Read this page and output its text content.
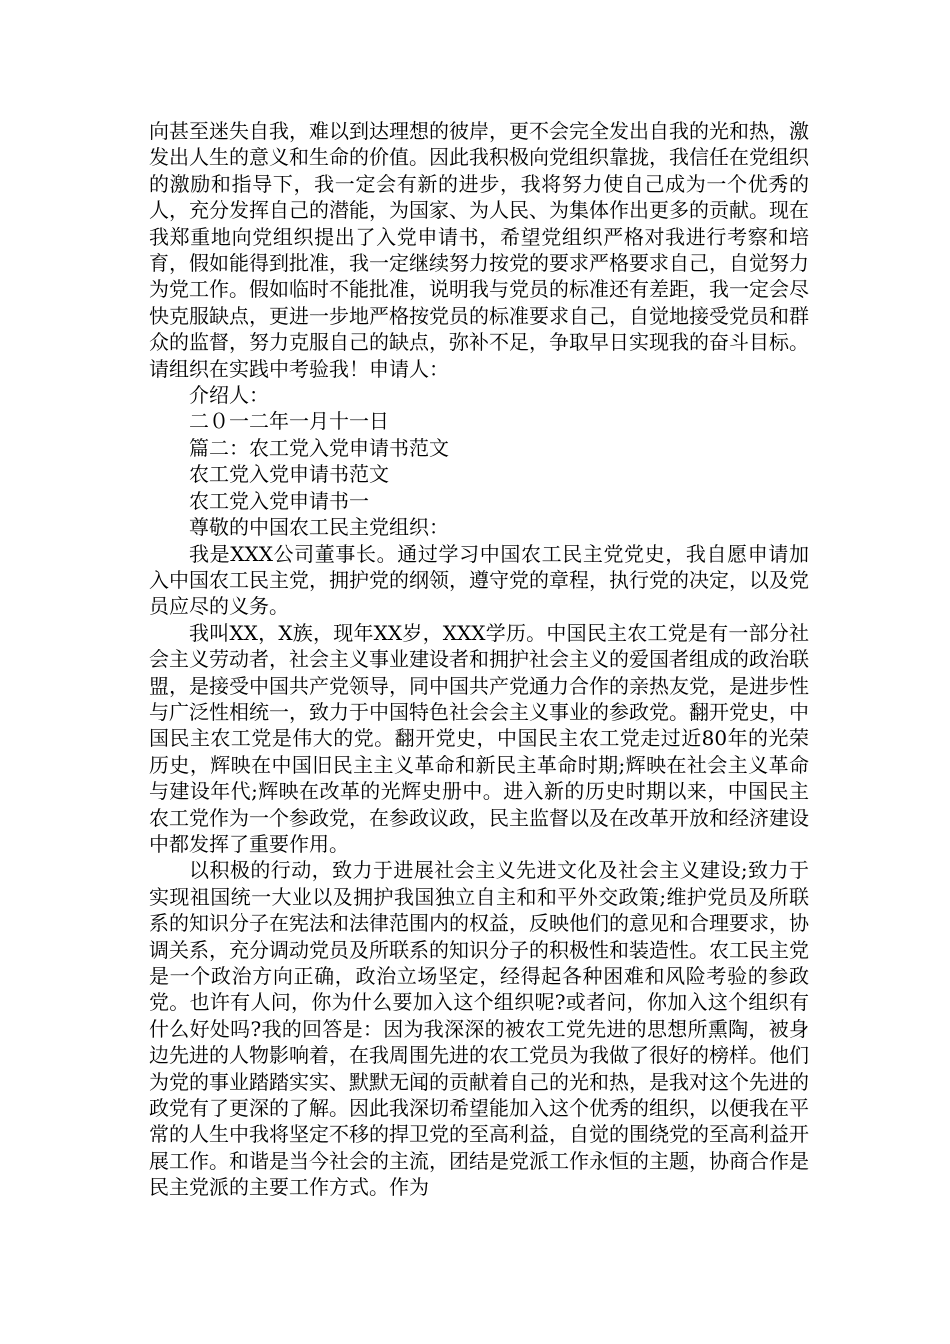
向甚至迷失自我，难以到达理想的彼岸，更不会完全发出自我的光和热，激发出人生的意义和生命的价值。因此我积极向党组织靠拢，我信任在党组织的激励和指导下，我一定会有新的进步，我将努力使自己成为一个优秀的人，充分发挥自己的潜能，为国家、为人民、为集体作出更多的贡献。现在我郑重地向党组织提出了入党申请书，希望党组织严格对我进行考察和培育，假如能得到批准，我一定继续努力按党的要求严格要求自己，自觉努力为党工作。假如临时不能批准，说明我与党员的标准还有差距，我一定会尽快克服缺点，更进一步地严格按党员的标准要求自己，自觉地接受党员和群众的监督，努力克服自己的缺点，弥补不足，争取早日实现我的奋斗目标。请组织在实践中考验我！申请人：

介绍人：

二０一二年一月十一日

篇二：农工党入党申请书范文

农工党入党申请书范文

农工党入党申请书一

尊敬的中国农工民主党组织：

我是XXX公司董事长。通过学习中国农工民主党党史，我自愿申请加入中国农工民主党，拥护党的纲领，遵守党的章程，执行党的决定，以及党员应尽的义务。

我叫XX，X族，现年XX岁，XXX学历。中国民主农工党是有一部分社会主义劳动者，社会主义事业建设者和拥护社会主义的爱国者组成的政治联盟，是接受中国共产党领导，同中国共产党通力合作的亲热友党，是进步性与广泛性相统一，致力于中国特色社会会主义事业的参政党。翻开党史，中国民主农工党是伟大的党。翻开党史，中国民主农工党走过近80年的光荣历史，辉映在中国旧民主主义革命和新民主革命时期;辉映在社会主义革命与建设年代;辉映在改革的光辉史册中。进入新的历史时期以来，中国民主农工党作为一个参政党，在参政议政，民主监督以及在改革开放和经济建设中都发挥了重要作用。

以积极的行动，致力于进展社会主义先进文化及社会主义建设;致力于实现祖国统一大业以及拥护我国独立自主和和平外交政策;维护党员及所联系的知识分子在宪法和法律范围内的权益，反映他们的意见和合理要求，协调关系，充分调动党员及所联系的知识分子的积极性和装造性。农工民主党是一个政治方向正确，政治立场坚定，经得起各种困难和风险考验的参政党。也许有人问，你为什么要加入这个组织呢?或者问，你加入这个组织有什么好处吗?我的回答是：因为我深深的被农工党先进的思想所熏陶，被身边先进的人物影响着，在我周围先进的农工党员为我做了很好的榜样。他们为党的事业踏踏实实、默默无闻的贡献着自己的光和热，是我对这个先进的政党有了更深的了解。因此我深切希望能加入这个优秀的组织，以便我在平常的人生中我将坚定不移的捍卫党的至高利益，自觉的围绕党的至高利益开展工作。和谐是当今社会的主流，团结是党派工作永恒的主题，协商合作是民主党派的主要工作方式。作为
